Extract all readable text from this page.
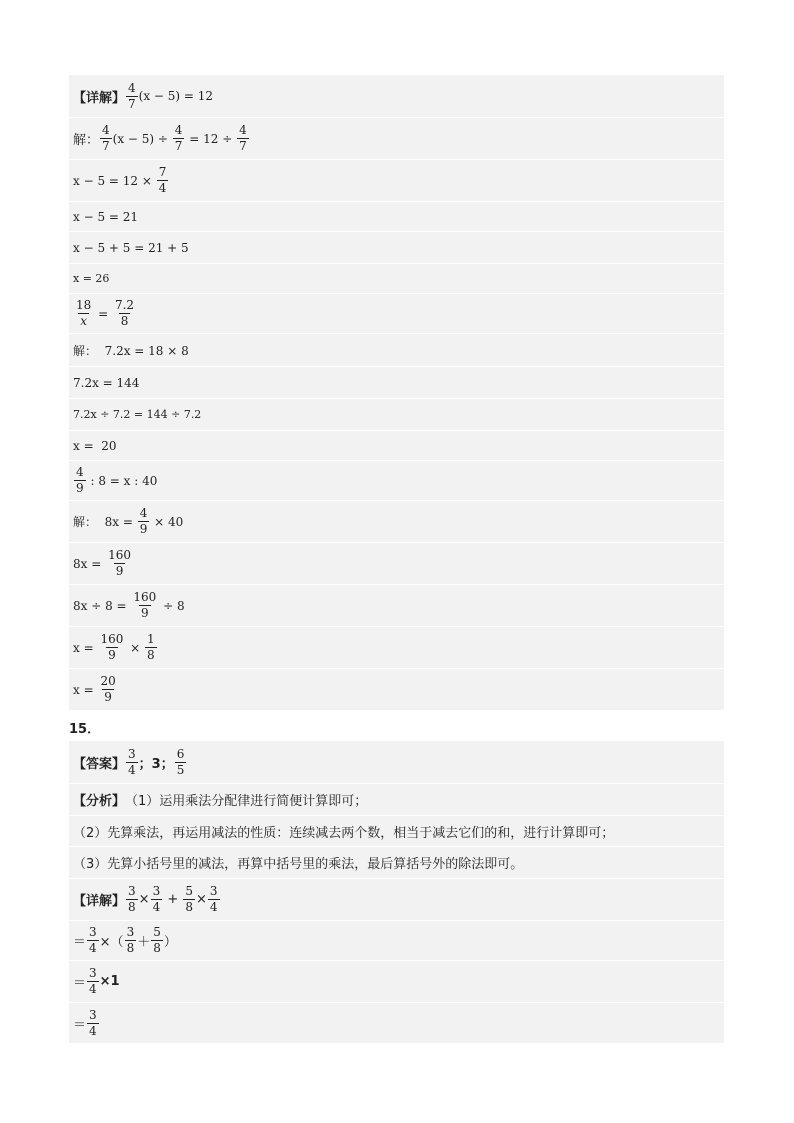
【详解】 $\frac{4}{7} (x - 5) = 12$
解： $\frac{4}{7} (x - 5) \div \frac{4}{7} = 12 \div \frac{4}{7}$
$x - 5 = 12 \times \frac{7}{4}$
x − 5 = 21
x − 5 + 5 = 21 + 5
x = 26
$\frac{18}{x} = \frac{7.2}{8}$
解：  7.2x = 18 × 8
7.2x = 144
7.2x ÷ 7.2 = 144 ÷ 7.2
x =  20
$\frac{4}{9}$ : 8 = x : 40
解：  $8x = \frac{4}{9} \times 40$
$8x = \frac{160}{9}$
$8x \div 8 = \frac{160}{9} \div 8$
$x = \frac{160}{9} \times \frac{1}{8}$
$x = \frac{20}{9}$
15．
【答案】 $\frac{3}{4}$ ；3； $\frac{6}{5}$
【分析】 （1）运用乘法分配律进行简便计算即可；
（2）先算乘法，再运用减法的性质：连续减去两个数，相当于减去它们的和，进行计算即可；
（3）先算小括号里的减法，再算中括号里的乘法，最后算括号外的除法即可。
【详解】 $\frac{3}{8} \times \frac{3}{4} + \frac{5}{8} \times \frac{3}{4}$
＝ $\frac{3}{4}$ ×（ $\frac{3}{8} + \frac{5}{8}$ ）
＝ $\frac{3}{4} \times 1$
＝ $\frac{3}{4}$
